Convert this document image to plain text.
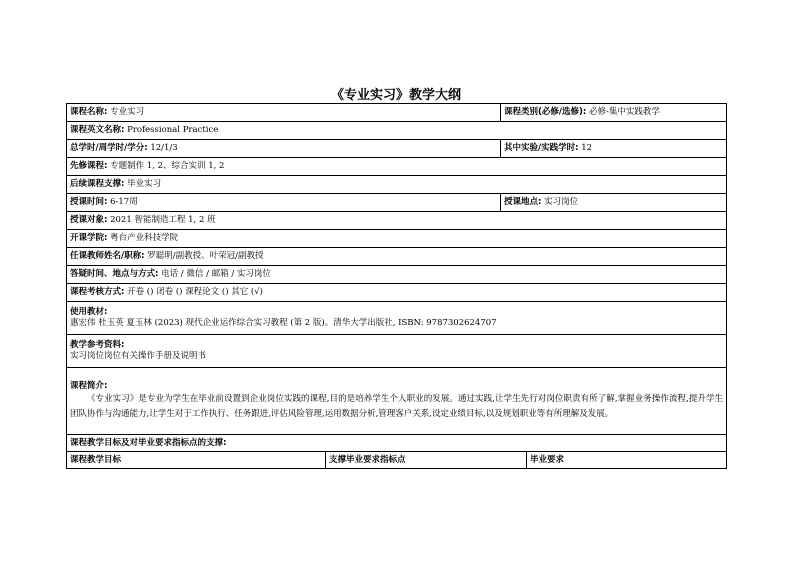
《专业实习》教学大纲
课程名称: 专业实习		课程类别(必修/选修): 必修-集中实践教学	
课程英文名称: Professional Practice			
总学时/周学时/学分: 12/1/3		其中实验/实践学时: 12	
先修课程: 专题制作 1, 2、综合实训 1, 2			
后续课程支撑: 毕业实习			
授课时间: 6-17周		授课地点: 实习岗位	
授课对象: 2021 智能制造工程 1, 2 班			
开课学院: 粤台产业科技学院			
任课教师姓名/职称: 罗聪明/副教授、叶荣冠/副教授			
答疑时间、地点与方式: 电话 / 微信 / 邮箱 / 实习岗位			
课程考核方式: 开卷 () 闭卷 () 课程论文 () 其它 (√)			

使用教材:
惠宏伟 杜玉英 夏玉林 (2023) 现代企业运作综合实习教程 (第 2 版)。清华大学出版社, ISBN: 9787302624707			

教学参考资料:
实习岗位岗位有关操作手册及说明书			

课程简介:
《专业实习》是专业为学生在毕业前设置到企业岗位实践的课程,目的是培养学生个人职业的发展。通过实践,让学生先行对岗位职责有所了解,掌握业务操作流程,提升学生团队协作与沟通能力,让学生对于工作执行、任务跟进,评估风险管理,运用数据分析,管理客户关系,设定业绩目标,以及规划职业等有所理解及发展。			

课程教学目标及对毕业要求指标点的支撑:			
课程教学目标	支撑毕业要求指标点		毕业要求
